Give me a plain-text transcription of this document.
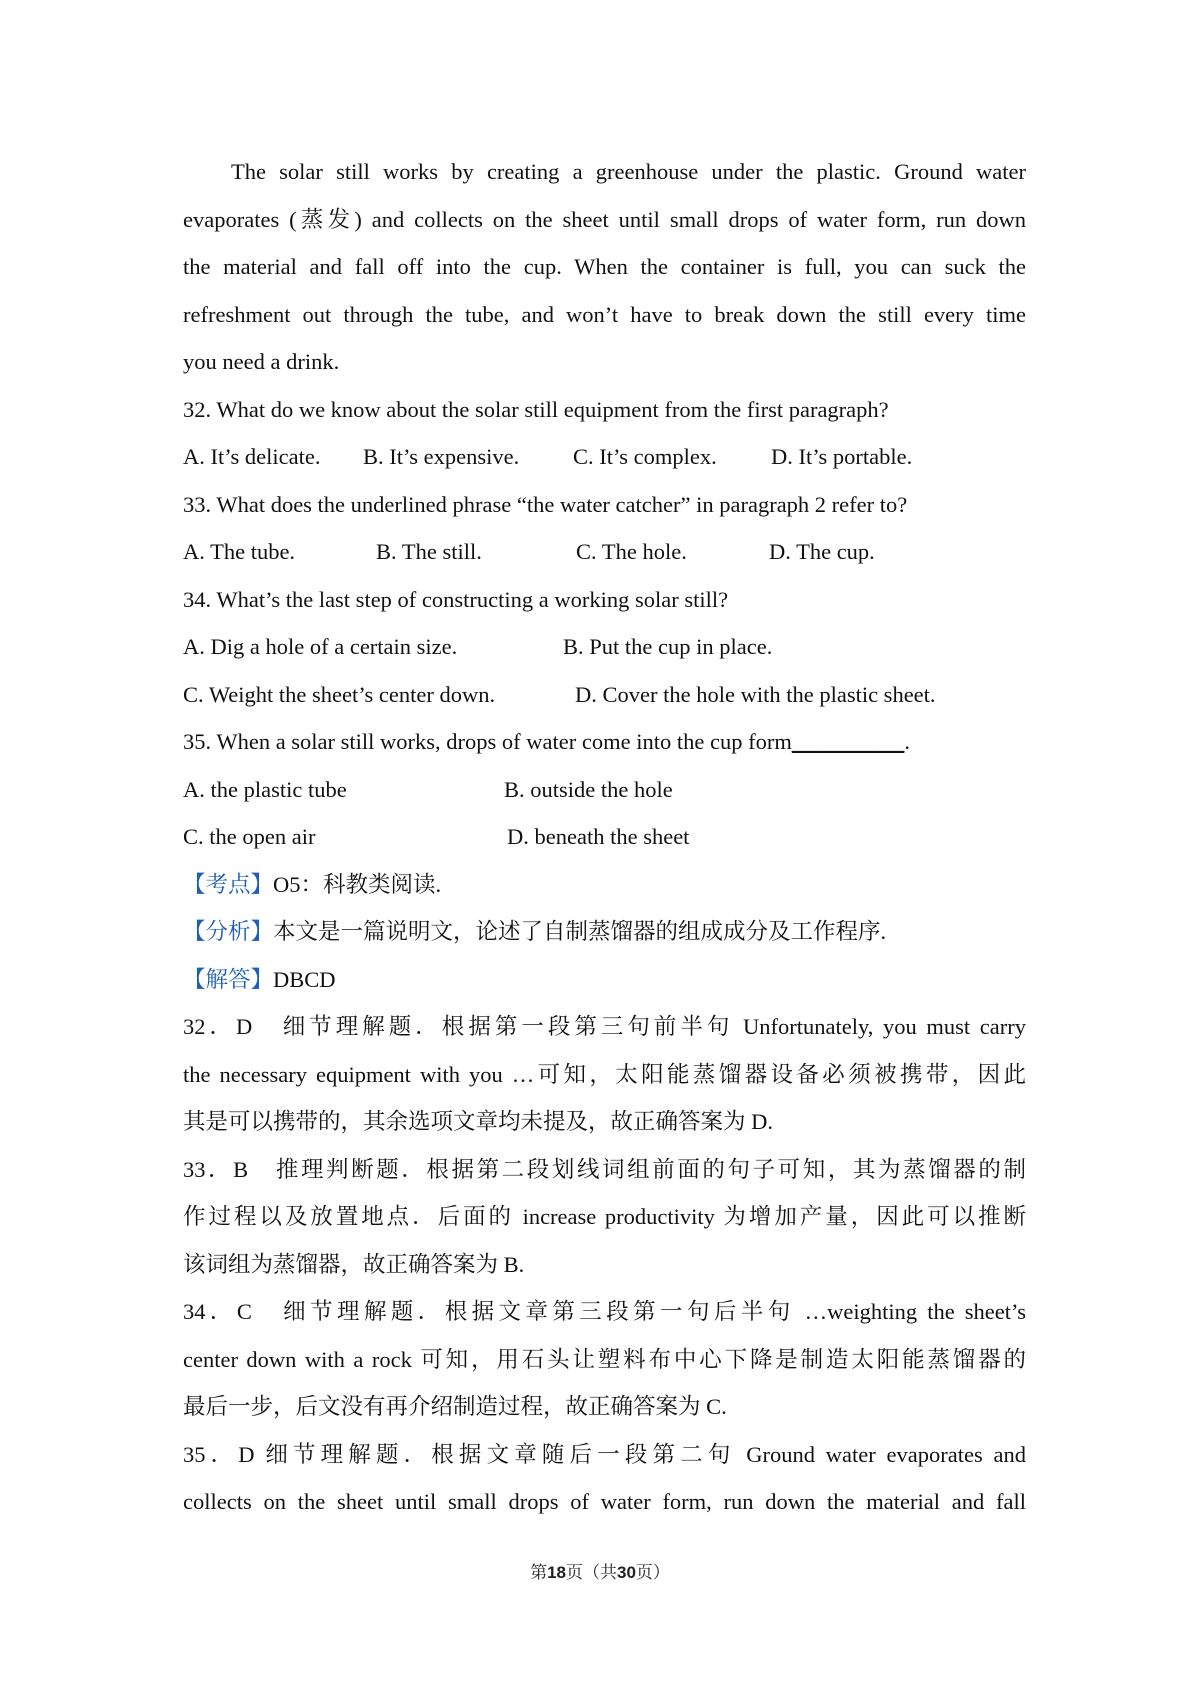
The solar still works by creating a greenhouse under the plastic. Ground water
evaporates (蒸发) and collects on the sheet until small drops of water form, run down
the material and fall off into the cup. When the container is full, you can suck the
refreshment out through the tube, and won’t have to break down the still every time
you need a drink.
32. What do we know about the solar still equipment from the first paragraph?
A. It’s delicate.	B. It’s expensive.	C. It’s complex.	D. It’s portable.
33. What does the underlined phrase “the water catcher” in paragraph 2 refer to?
A. The tube.	B. The still.	C. The hole.	D. The cup.
34. What’s the last step of constructing a working solar still?
A. Dig a hole of a certain size.	B. Put the cup in place.
C. Weight the sheet’s center down.	D. Cover the hole with the plastic sheet.
35. When a solar still works, drops of water come into the cup form__________.
A. the plastic tube	B. outside the hole
C. the open air	D. beneath the sheet
【考点】O5：科教类阅读.
【分析】本文是一篇说明文，论述了自制蒸馏器的组成成分及工作程序.
【解答】DBCD
32．D　细节理解题．根据第一段第三句前半句 Unfortunately, you must carry
the necessary equipment with you …可知，太阳能蒸馏器设备必须被携带，因此
其是可以携带的，其余选项文章均未提及，故正确答案为 D.
33．B　推理判断题．根据第二段划线词组前面的句子可知，其为蒸馏器的制
作过程以及放置地点．后面的 increase productivity 为增加产量，因此可以推断
该词组为蒸馏器，故正确答案为 B.
34．C　细节理解题．根据文章第三段第一句后半句 …weighting the sheet’s
center down with a rock 可知，用石头让塑料布中心下降是制造太阳能蒸馏器的
最后一步，后文没有再介绍制造过程，故正确答案为 C.
35．D 细节理解题．根据文章随后一段第二句 Ground water evaporates and
collects on the sheet until small drops of water form, run down the material and fall
第18页（共30页）
